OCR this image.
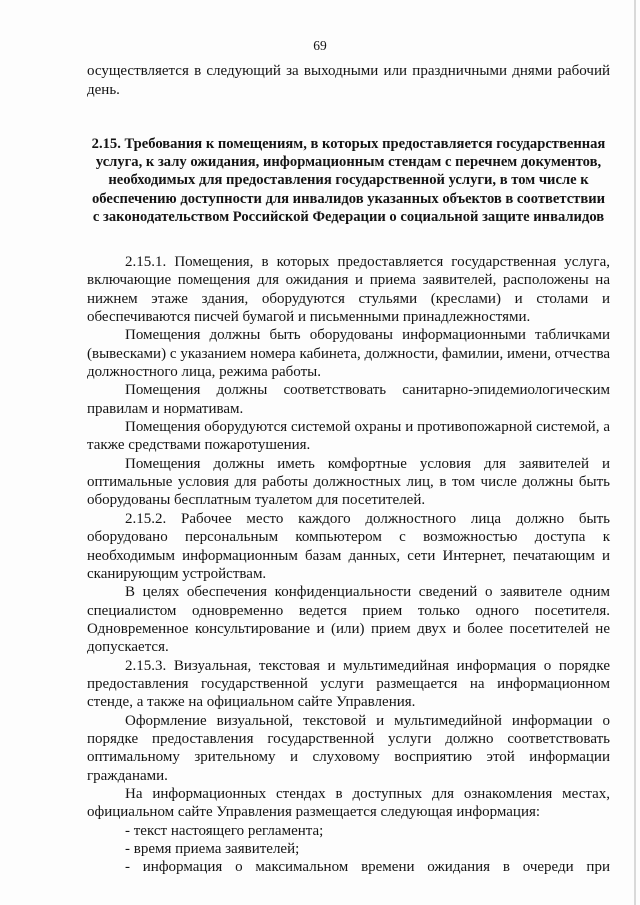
69
осуществляется в следующий за выходными или праздничными днями рабочий день.
2.15. Требования к помещениям, в которых предоставляется государственная услуга, к залу ожидания, информационным стендам с перечнем документов, необходимых для предоставления государственной услуги, в том числе к обеспечению доступности для инвалидов указанных объектов в соответствии с законодательством Российской Федерации о социальной защите инвалидов

2.15.1. Помещения, в которых предоставляется государственная услуга, включающие помещения для ожидания и приема заявителей, расположены на нижнем этаже здания, оборудуются стульями (креслами) и столами и обеспечиваются писчей бумагой и письменными принадлежностями.

Помещения должны быть оборудованы информационными табличками (вывесками) с указанием номера кабинета, должности, фамилии, имени, отчества должностного лица, режима работы.

Помещения должны соответствовать санитарно-эпидемиологическим правилам и нормативам.

Помещения оборудуются системой охраны и противопожарной системой, а также средствами пожаротушения.

Помещения должны иметь комфортные условия для заявителей и оптимальные условия для работы должностных лиц, в том числе должны быть оборудованы бесплатным туалетом для посетителей.

2.15.2. Рабочее место каждого должностного лица должно быть оборудовано персональным компьютером с возможностью доступа к необходимым информационным базам данных, сети Интернет, печатающим и сканирующим устройствам.

В целях обеспечения конфиденциальности сведений о заявителе одним специалистом одновременно ведется прием только одного посетителя. Одновременное консультирование и (или) прием двух и более посетителей не допускается.

2.15.3. Визуальная, текстовая и мультимедийная информация о порядке предоставления государственной услуги размещается на информационном стенде, а также на официальном сайте Управления.

Оформление визуальной, текстовой и мультимедийной информации о порядке предоставления государственной услуги должно соответствовать оптимальному зрительному и слуховому восприятию этой информации гражданами.

На информационных стендах в доступных для ознакомления местах, официальном сайте Управления размещается следующая информация:

- текст настоящего регламента;
- время приема заявителей;
- информация о максимальном времени ожидания в очереди при
